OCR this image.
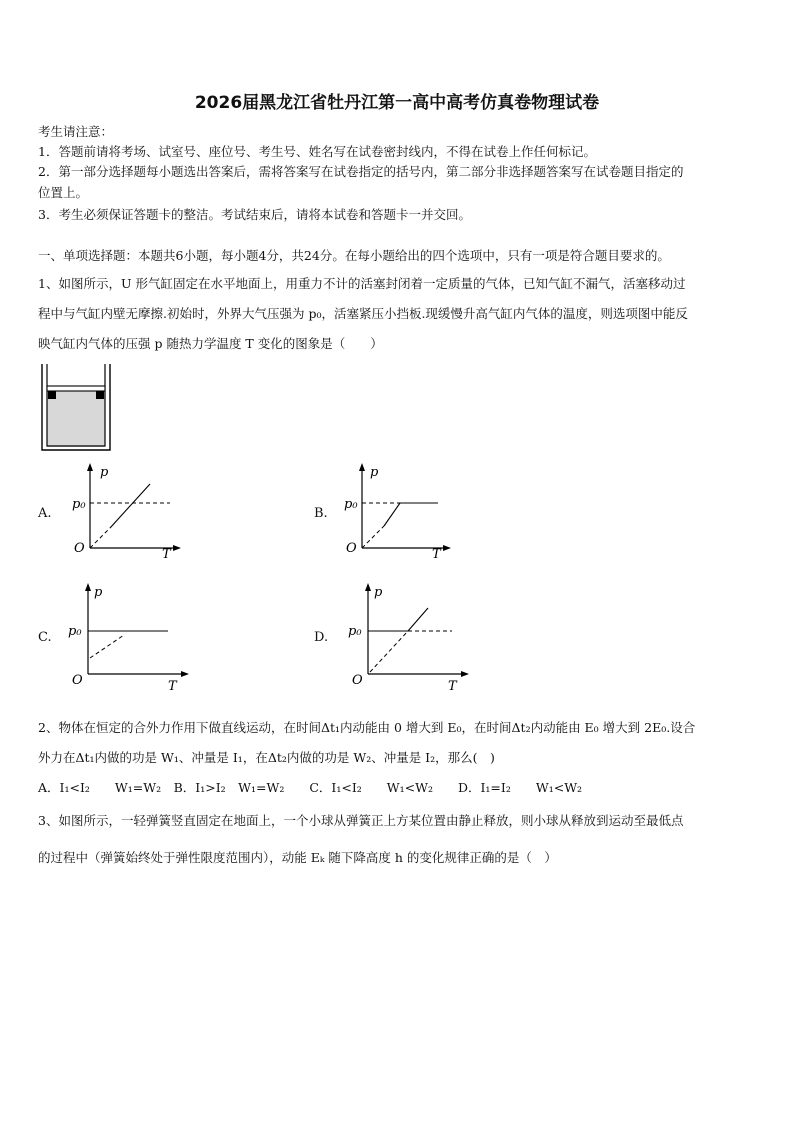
2026届黑龙江省牡丹江第一高中高考仿真卷物理试卷
考生请注意：
1．答题前请将考场、试室号、座位号、考生号、姓名写在试卷密封线内，不得在试卷上作任何标记。
2．第一部分选择题每小题选出答案后，需将答案写在试卷指定的括号内，第二部分非选择题答案写在试卷题目指定的
位置上。
3．考生必须保证答题卡的整洁。考试结束后，请将本试卷和答题卡一并交回。
一、单项选择题：本题共6小题，每小题4分，共24分。在每小题给出的四个选项中，只有一项是符合题目要求的。
1、如图所示，U 形气缸固定在水平地面上，用重力不计的活塞封闭着一定质量的气体，已知气缸不漏气，活塞移动过
程中与气缸内壁无摩擦.初始时，外界大气压强为 p₀，活塞紧压小挡板.现缓慢升高气缸内气体的温度，则选项图中能反
映气缸内气体的压强 p 随热力学温度 T 变化的图象是（　　）
A.
p
p₀
O	T
B.
p
p₀
O	T
C.
p
p₀
O	T
D.
p
p₀
O	T
2、物体在恒定的合外力作用下做直线运动，在时间Δt₁内动能由 0 增大到 E₀，在时间Δt₂内动能由 E₀ 增大到 2E₀.设合
外力在Δt₁内做的功是 W₁、冲量是 I₁，在Δt₂内做的功是 W₂、冲量是 I₂，那么(　)
A．I₁<I₂　　W₁=W₂　B．I₁>I₂　W₁=W₂　　C．I₁<I₂　　W₁<W₂　　D．I₁=I₂　　W₁<W₂
3、如图所示，一轻弹簧竖直固定在地面上，一个小球从弹簧正上方某位置由静止释放，则小球从释放到运动至最低点
的过程中（弹簧始终处于弹性限度范围内），动能 Eₖ 随下降高度 h 的变化规律正确的是（　）
